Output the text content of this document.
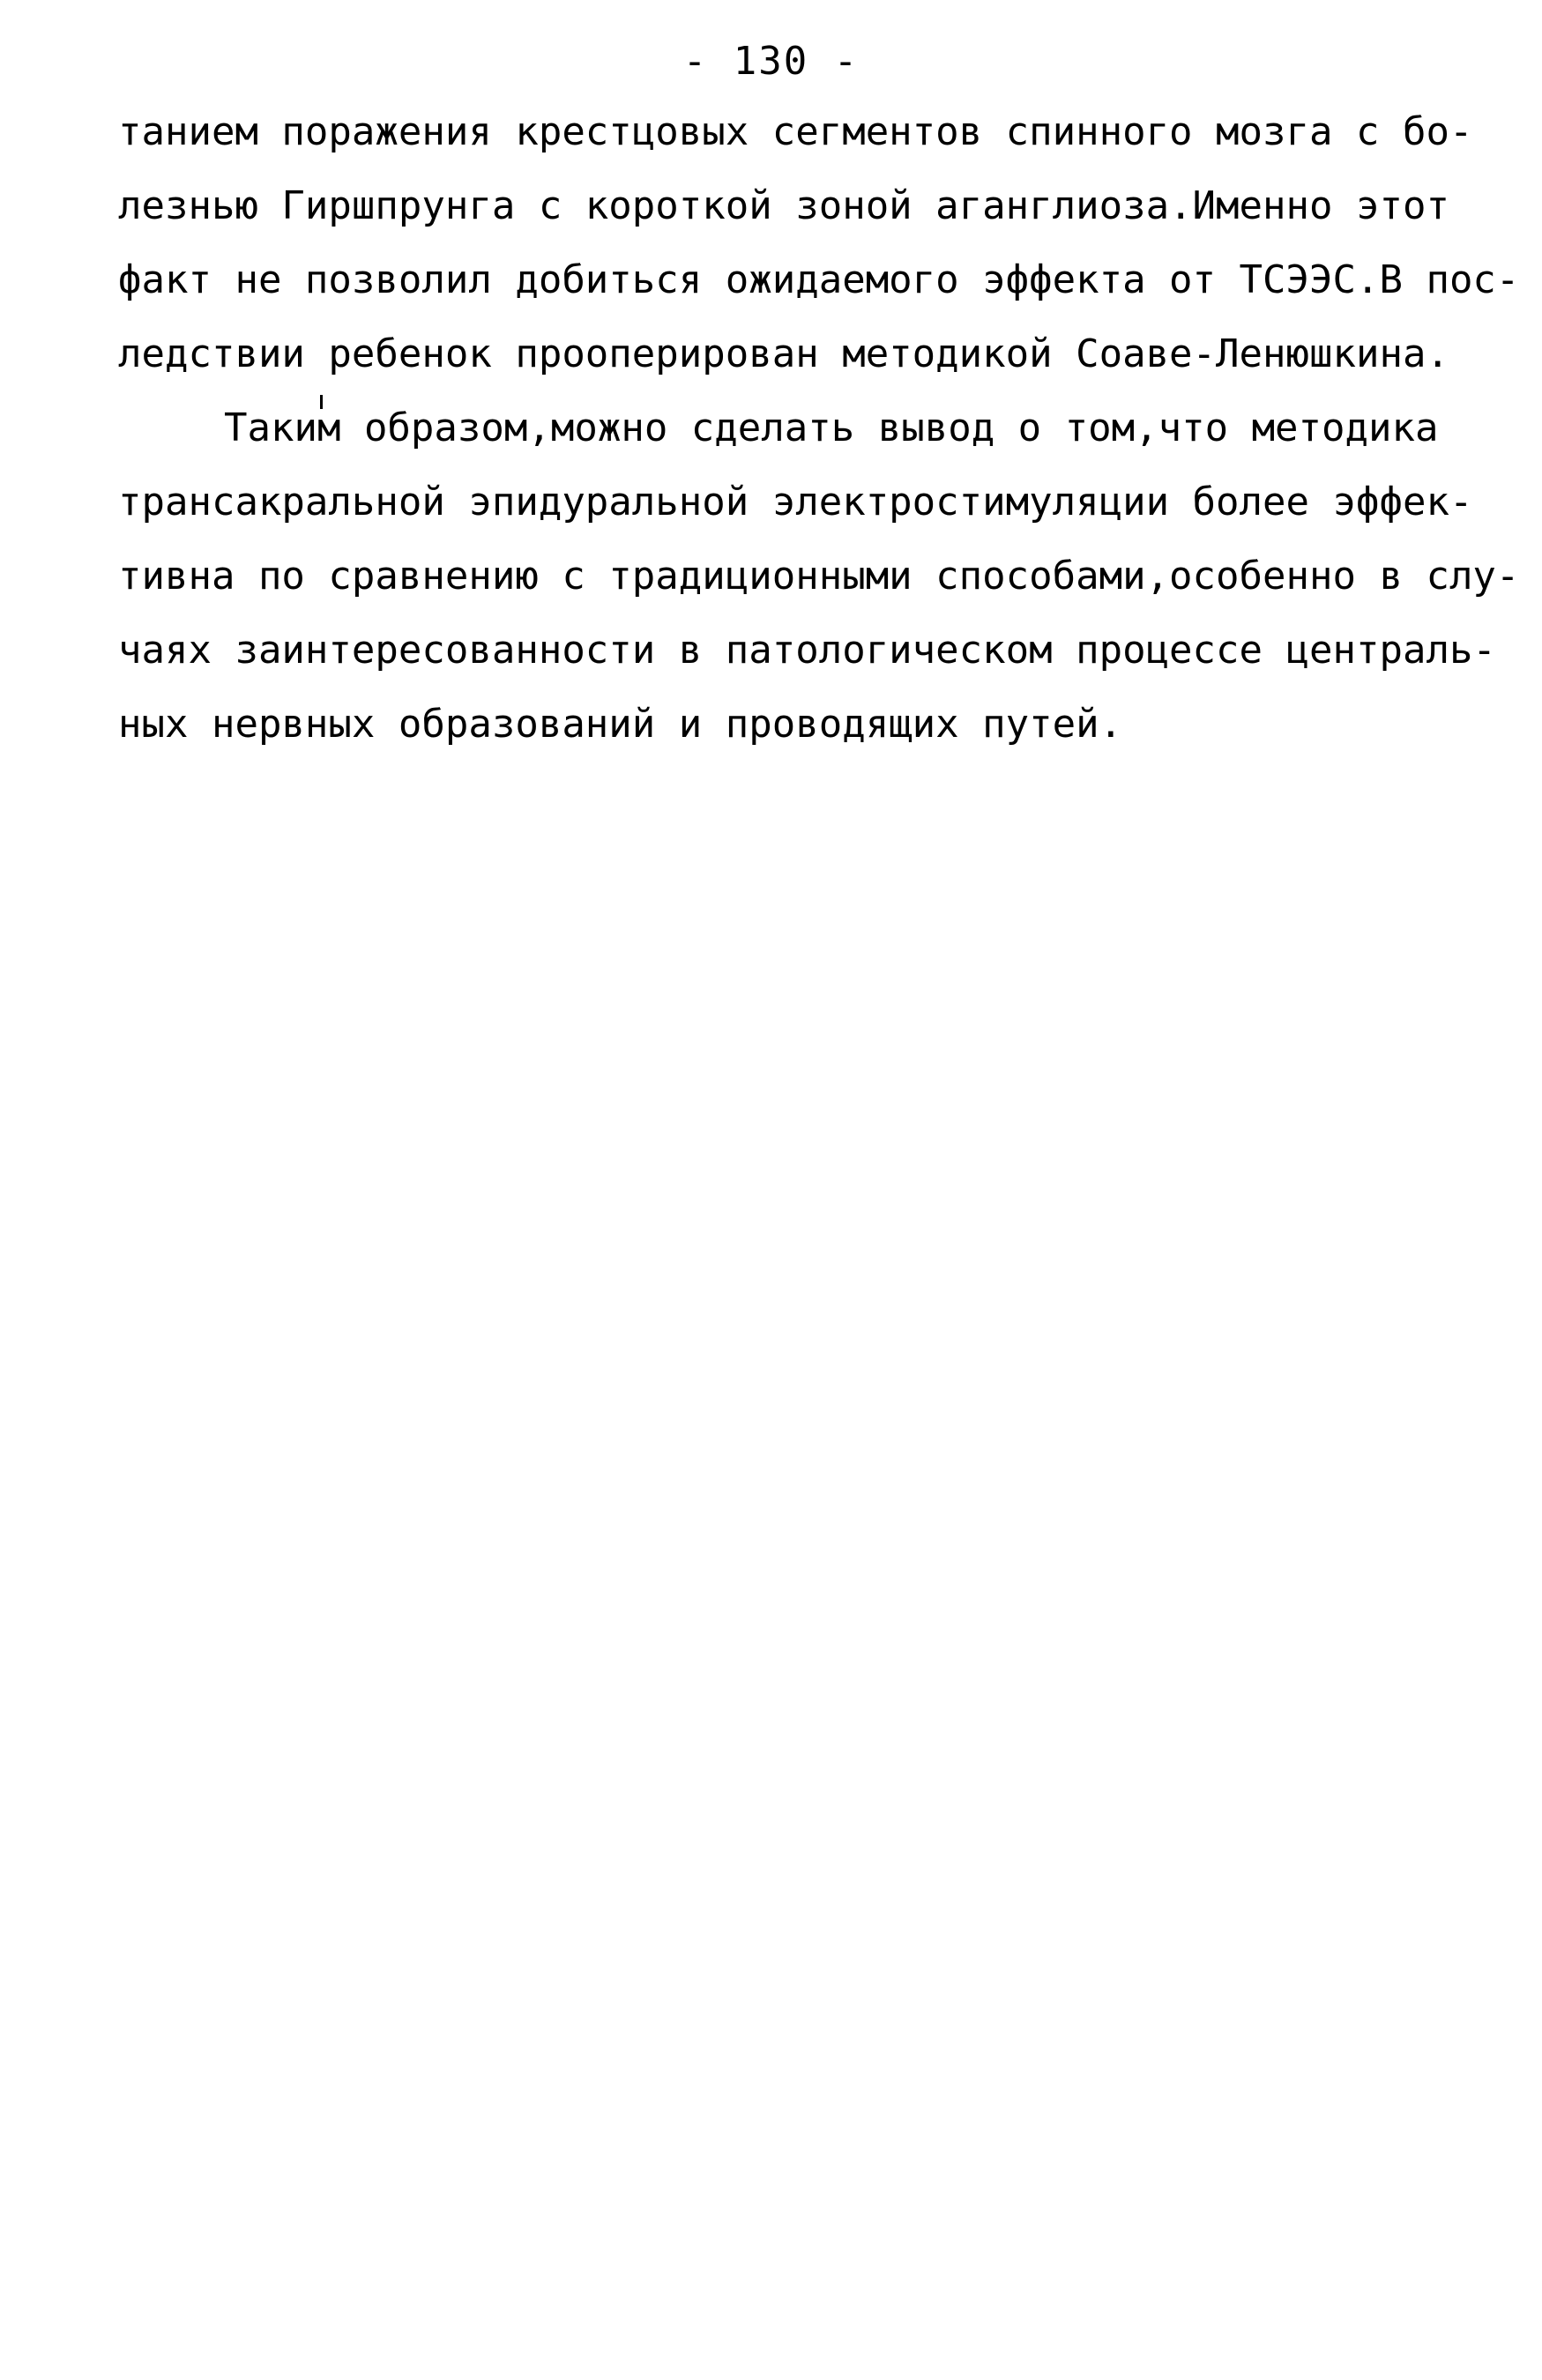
- 130 -
танием поражения крестцовых сегментов спинного мозга с бо-
лезнью Гиршпрунга с короткой зоной аганглиоза.Именно этот
факт не позволил добиться ожидаемого эффекта от ТСЭЭС.В пос-
ледствии ребенок прооперирован методикой Соаве-Ленюшкина.
Таким образом,можно сделать вывод о том,что методика
трансакральной эпидуральной электростимуляции более эффек-
тивна по сравнению с традиционными способами,особенно в слу-
чаях заинтересованности в патологическом процессе централь-
ных нервных образований и проводящих путей.
